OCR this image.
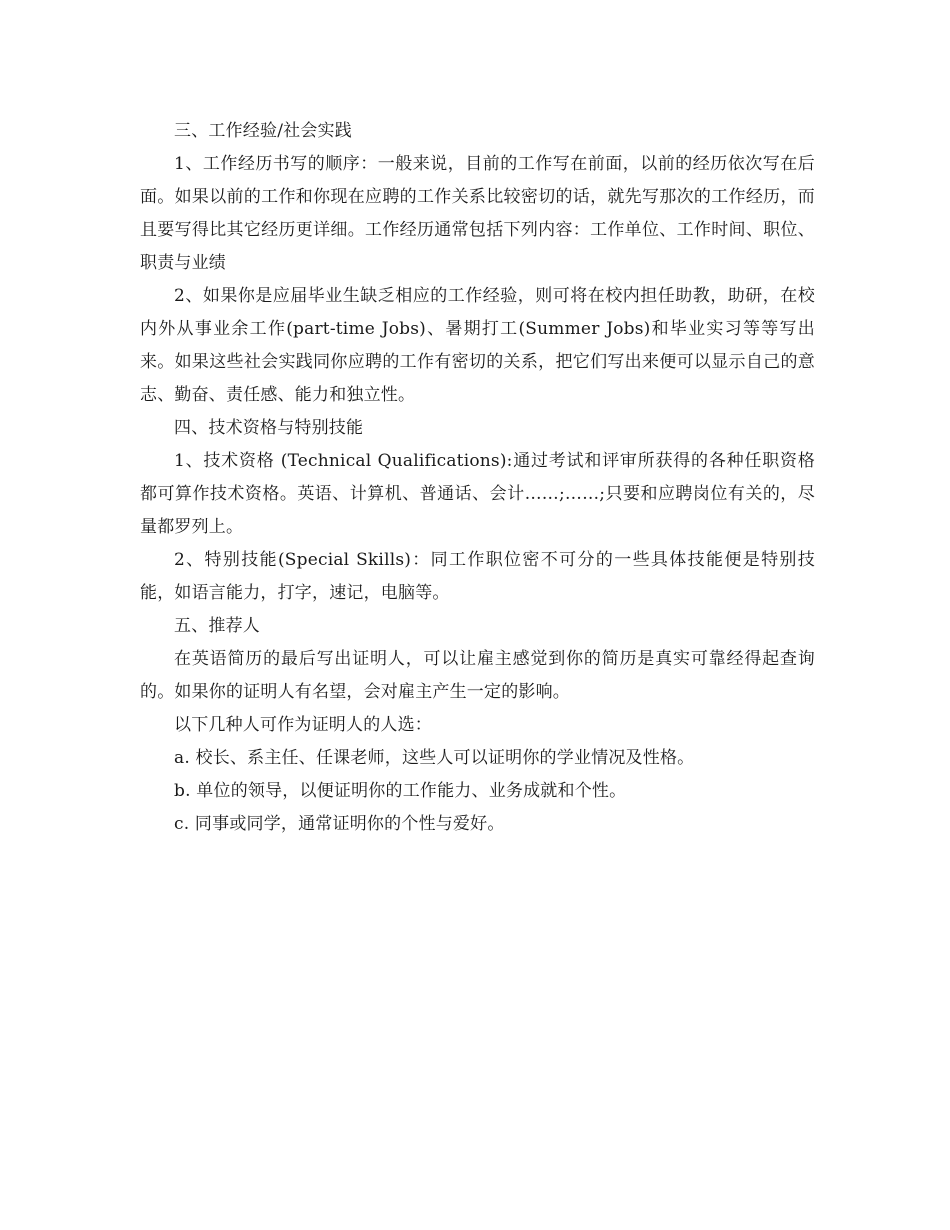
三、工作经验/社会实践

1、工作经历书写的顺序：一般来说，目前的工作写在前面，以前的经历依次写在后面。如果以前的工作和你现在应聘的工作关系比较密切的话，就先写那次的工作经历，而且要写得比其它经历更详细。工作经历通常包括下列内容：工作单位、工作时间、职位、职责与业绩

2、如果你是应届毕业生缺乏相应的工作经验，则可将在校内担任助教，助研，在校内外从事业余工作(part-time Jobs)、暑期打工(Summer Jobs)和毕业实习等等写出来。如果这些社会实践同你应聘的工作有密切的关系，把它们写出来便可以显示自己的意志、勤奋、责任感、能力和独立性。

四、技术资格与特别技能

1、技术资格 (Technical Qualifications):通过考试和评审所获得的各种任职资格都可算作技术资格。英语、计算机、普通话、会计……;……;只要和应聘岗位有关的，尽量都罗列上。

2、特别技能(Special Skills)：同工作职位密不可分的一些具体技能便是特别技能，如语言能力，打字，速记，电脑等。

五、推荐人

在英语简历的最后写出证明人，可以让雇主感觉到你的简历是真实可靠经得起查询的。如果你的证明人有名望，会对雇主产生一定的影响。

以下几种人可作为证明人的人选：

a. 校长、系主任、任课老师，这些人可以证明你的学业情况及性格。

b. 单位的领导，以便证明你的工作能力、业务成就和个性。

c. 同事或同学，通常证明你的个性与爱好。
